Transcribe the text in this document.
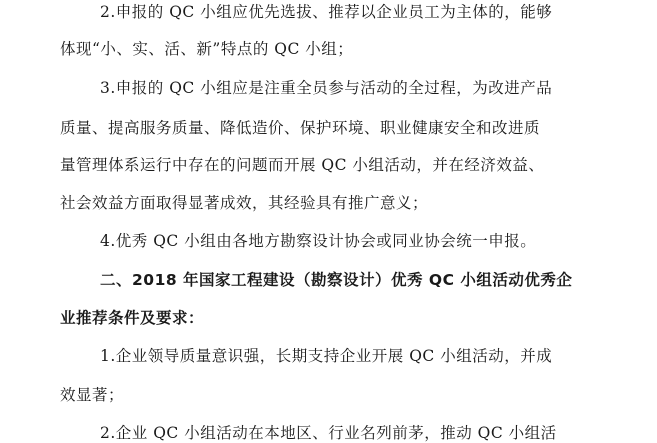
2.申报的 QC 小组应优先选拔、推荐以企业员工为主体的，能够
体现“小、实、活、新”特点的 QC 小组；
3.申报的 QC 小组应是注重全员参与活动的全过程，为改进产品
质量、提高服务质量、降低造价、保护环境、职业健康安全和改进质
量管理体系运行中存在的问题而开展 QC 小组活动，并在经济效益、
社会效益方面取得显著成效，其经验具有推广意义；
4.优秀 QC 小组由各地方勘察设计协会或同业协会统一申报。
二、2018 年国家工程建设（勘察设计）优秀 QC 小组活动优秀企
业推荐条件及要求：
1.企业领导质量意识强，长期支持企业开展 QC 小组活动，并成
效显著；
2.企业 QC 小组活动在本地区、行业名列前茅，推动 QC 小组活
